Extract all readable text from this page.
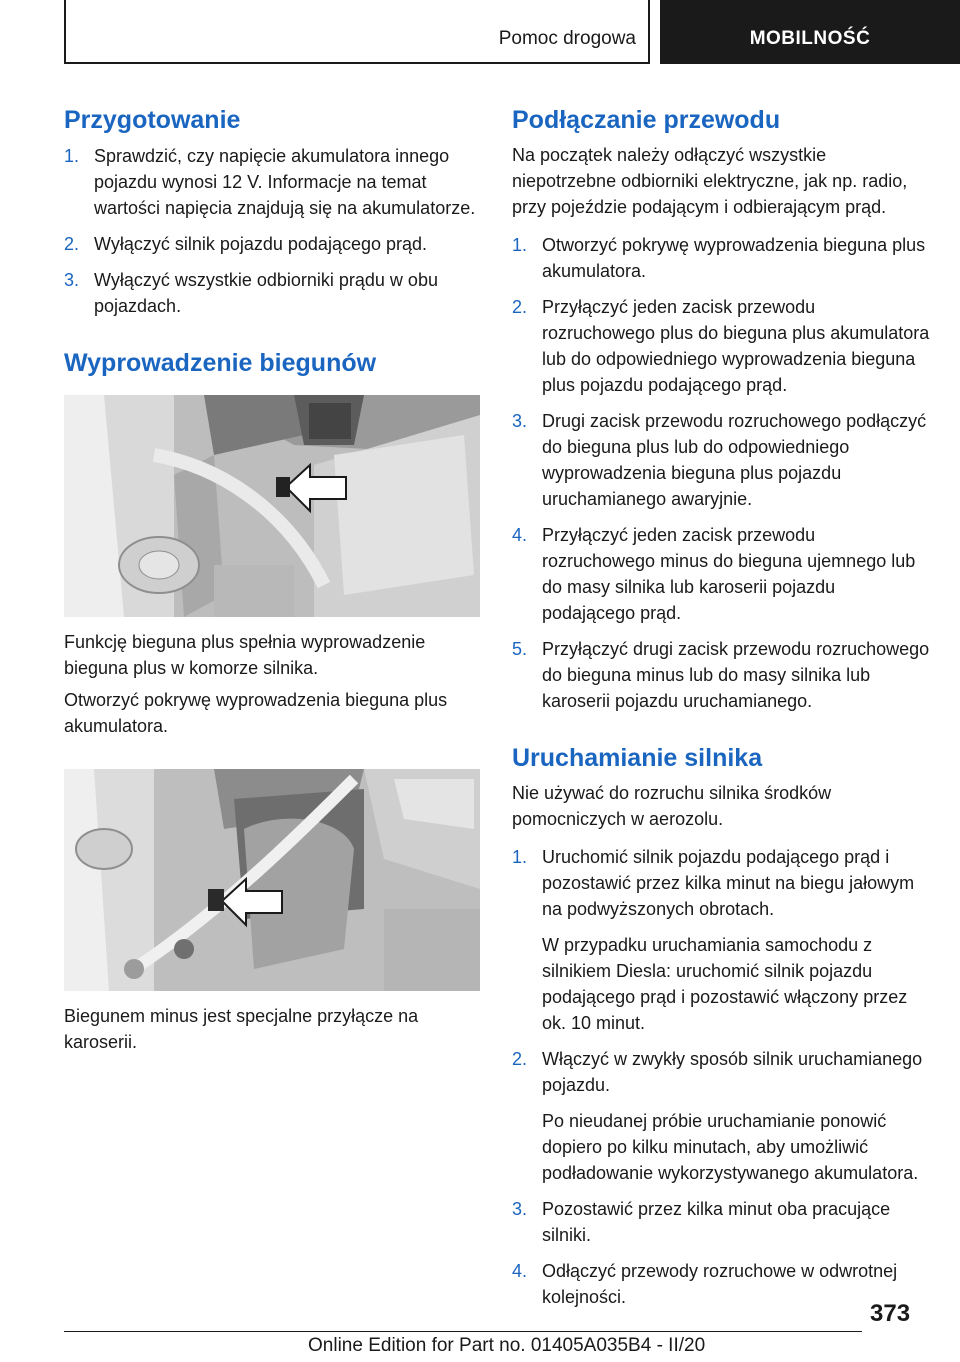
Pomoc drogowa	MOBILNOŚĆ
Przygotowanie
1. Sprawdzić, czy napięcie akumulatora innego pojazdu wynosi 12 V. Informacje na temat wartości napięcia znajdują się na akumulatorze.
2. Wyłączyć silnik pojazdu podającego prąd.
3. Wyłączyć wszystkie odbiorniki prądu w obu pojazdach.
Wyprowadzenie biegunów

Funkcję bieguna plus spełnia wyprowadzenie bieguna plus w komorze silnika.

Otworzyć pokrywę wyprowadzenia bieguna plus akumulatora.

Biegunem minus jest specjalne przyłącze na karoserii.

Podłączanie przewodu

Na początek należy odłączyć wszystkie niepotrzebne odbiorniki elektryczne, jak np. radio, przy pojeździe podającym i odbierającym prąd.

1. Otworzyć pokrywę wyprowadzenia bieguna plus akumulatora.
2. Przyłączyć jeden zacisk przewodu rozruchowego plus do bieguna plus akumulatora lub do odpowiedniego wyprowadzenia bieguna plus pojazdu podającego prąd.
3. Drugi zacisk przewodu rozruchowego podłączyć do bieguna plus lub do odpowiedniego wyprowadzenia bieguna plus pojazdu uruchamianego awaryjnie.
4. Przyłączyć jeden zacisk przewodu rozruchowego minus do bieguna ujemnego lub do masy silnika lub karoserii pojazdu podającego prąd.
5. Przyłączyć drugi zacisk przewodu rozruchowego do bieguna minus lub do masy silnika lub karoserii pojazdu uruchamianego.
Uruchamianie silnika

Nie używać do rozruchu silnika środków pomocniczych w aerozolu.

1. Uruchomić silnik pojazdu podającego prąd i pozostawić przez kilka minut na biegu jałowym na podwyższonych obrotach.
W przypadku uruchamiania samochodu z silnikiem Diesla: uruchomić silnik pojazdu podającego prąd i pozostawić włączony przez ok. 10 minut.
2. Włączyć w zwykły sposób silnik uruchamianego pojazdu.
Po nieudanej próbie uruchamianie ponowić dopiero po kilku minutach, aby umożliwić podładowanie wykorzystywanego akumulatora.
3. Pozostawić przez kilka minut oba pracujące silniki.
4. Odłączyć przewody rozruchowe w odwrotnej kolejności.
373
Online Edition for Part no. 01405A035B4 - II/20
